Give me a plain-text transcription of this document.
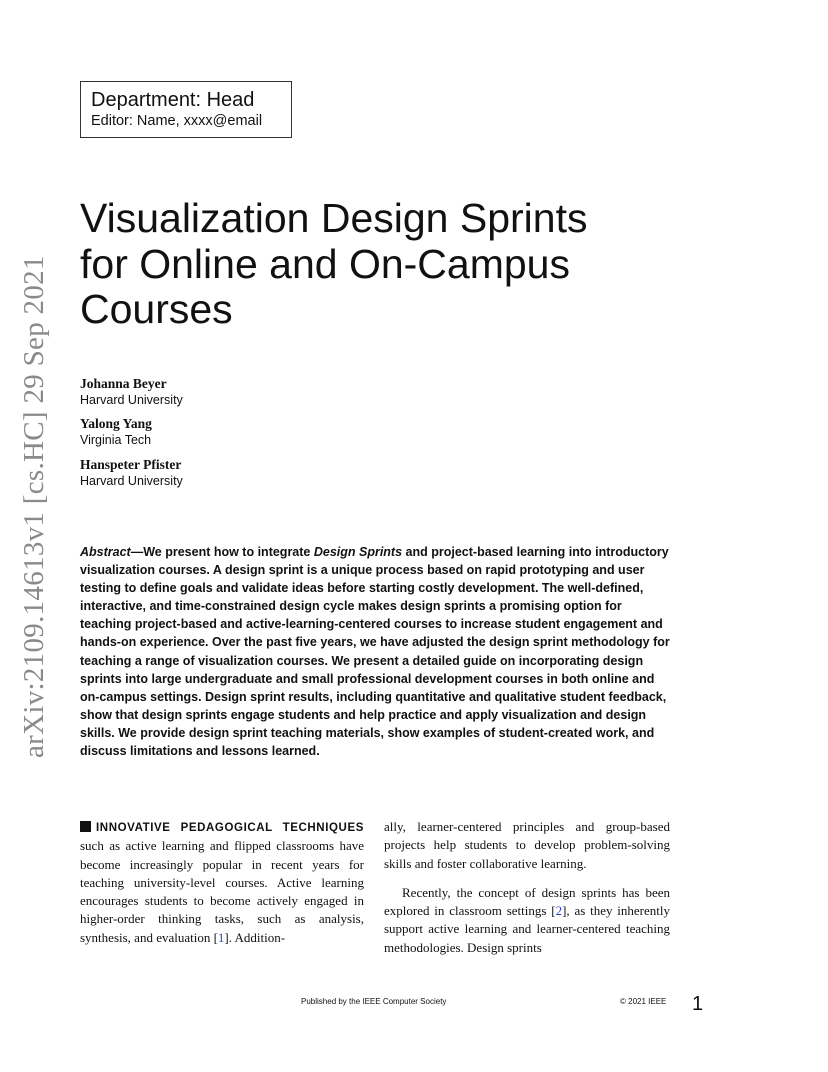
Department: Head
Editor: Name, xxxx@email
arXiv:2109.14613v1 [cs.HC] 29 Sep 2021
Visualization Design Sprints
for Online and On-Campus
Courses
Johanna Beyer
Harvard University
Yalong Yang
Virginia Tech
Hanspeter Pfister
Harvard University
Abstract—We present how to integrate Design Sprints and project-based learning into introductory visualization courses. A design sprint is a unique process based on rapid prototyping and user testing to define goals and validate ideas before starting costly development. The well-defined, interactive, and time-constrained design cycle makes design sprints a promising option for teaching project-based and active-learning-centered courses to increase student engagement and hands-on experience. Over the past five years, we have adjusted the design sprint methodology for teaching a range of visualization courses. We present a detailed guide on incorporating design sprints into large undergraduate and small professional development courses in both online and on-campus settings. Design sprint results, including quantitative and qualitative student feedback, show that design sprints engage students and help practice and apply visualization and design skills. We provide design sprint teaching materials, show examples of student-created work, and discuss limitations and lessons learned.

INNOVATIVE PEDAGOGICAL TECHNIQUES such as active learning and flipped classrooms have become increasingly popular in recent years for teaching university-level courses. Active learning encourages students to become actively engaged in higher-order thinking tasks, such as analysis, synthesis, and evaluation [1]. Addition-

ally, learner-centered principles and group-based projects help students to develop problem-solving skills and foster collaborative learning.

Recently, the concept of design sprints has been explored in classroom settings [2], as they inherently support active learning and learner-centered teaching methodologies. Design sprints

Published by the IEEE Computer Society	© 2021 IEEE 1
